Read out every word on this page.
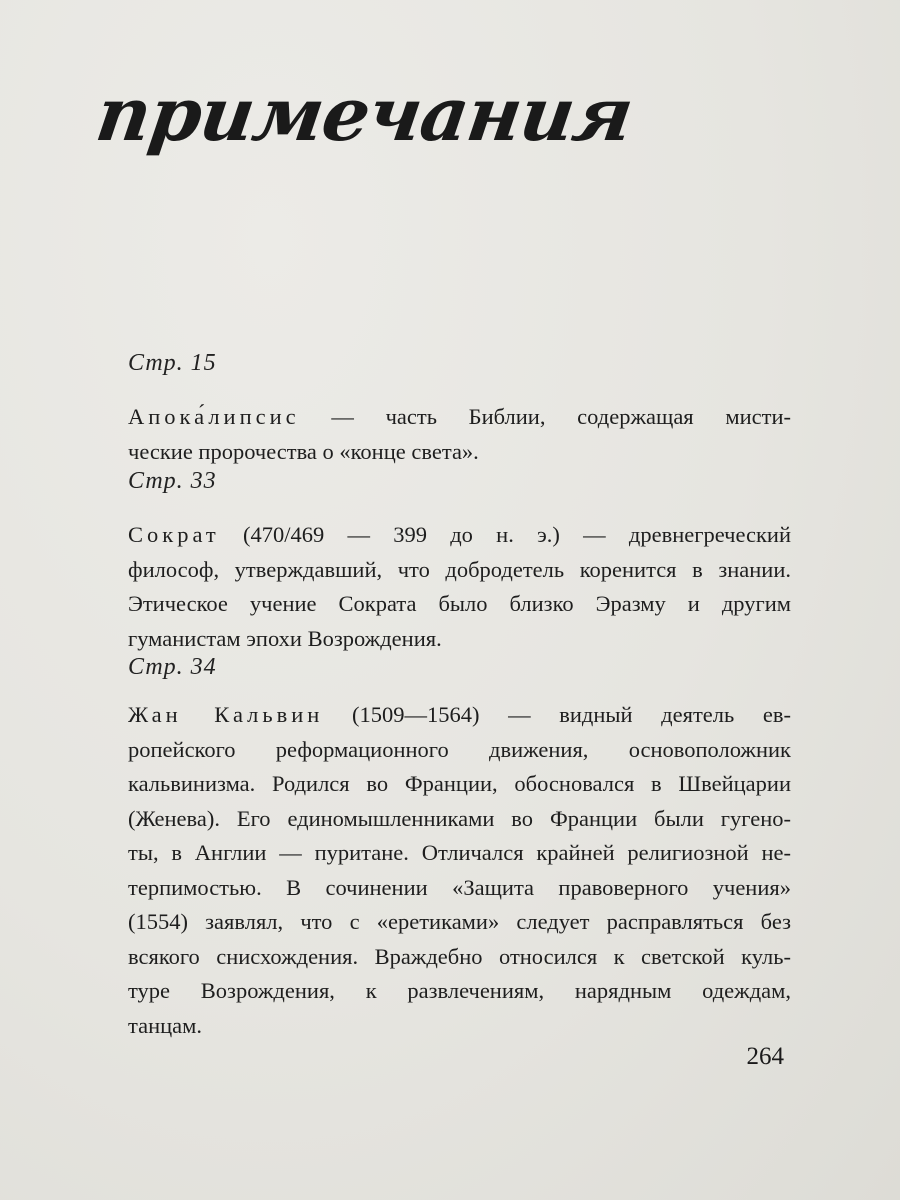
примечания
Стр. 15
Апока́липсис — часть Библии, содержащая мисти-
ческие пророчества о «конце света».
Стр. 33
Сократ (470/469 — 399 до н. э.) — древнегреческий
философ, утверждавший, что добродетель коренится в знании.
Этическое учение Сократа было близко Эразму и другим
гуманистам эпохи Возрождения.
Стр. 34
Жан Кальвин (1509—1564) — видный деятель ев-
ропейского реформационного движения, основоположник
кальвинизма. Родился во Франции, обосновался в Швейцарии
(Женева). Его единомышленниками во Франции были гугено-
ты, в Англии — пуритане. Отличался крайней религиозной не-
терпимостью. В сочинении «Защита правоверного учения»
(1554) заявлял, что с «еретиками» следует расправляться без
всякого снисхождения. Враждебно относился к светской куль-
туре Возрождения, к развлечениям, нарядным одеждам,
танцам.
264
